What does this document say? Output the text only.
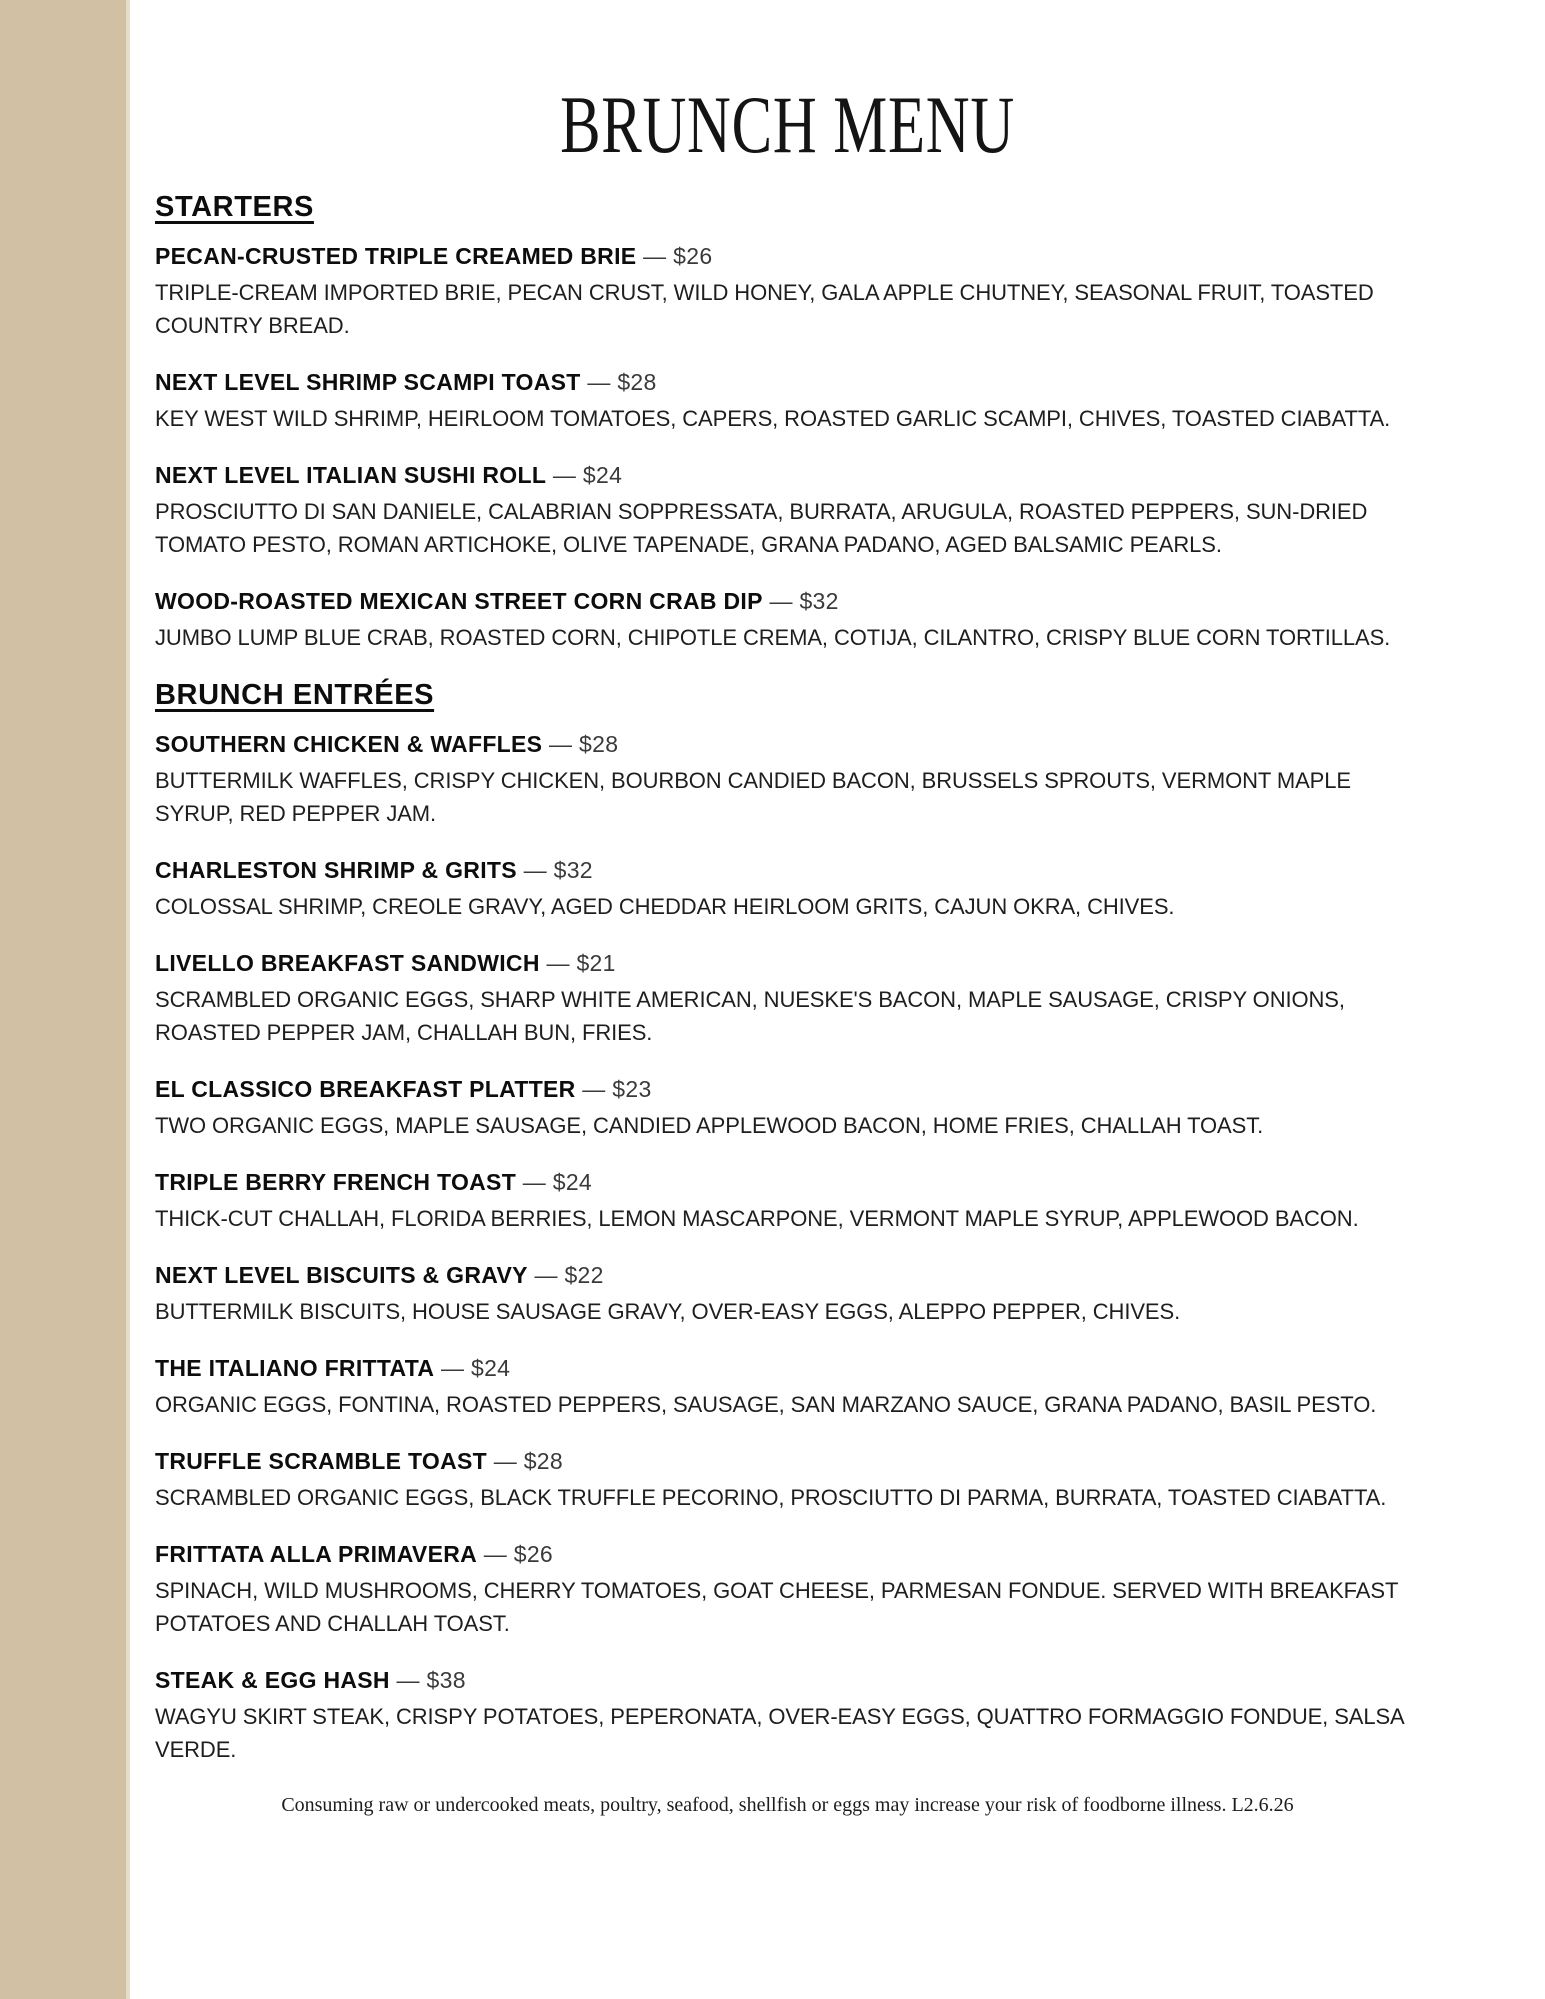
BRUNCH MENU
STARTERS

PECAN-CRUSTED TRIPLE CREAMED BRIE — $26

TRIPLE-CREAM IMPORTED BRIE, PECAN CRUST, WILD HONEY, GALA APPLE CHUTNEY, SEASONAL FRUIT, TOASTED COUNTRY BREAD.

NEXT LEVEL SHRIMP SCAMPI TOAST — $28

KEY WEST WILD SHRIMP, HEIRLOOM TOMATOES, CAPERS, ROASTED GARLIC SCAMPI, CHIVES, TOASTED CIABATTA.

NEXT LEVEL ITALIAN SUSHI ROLL — $24

PROSCIUTTO DI SAN DANIELE, CALABRIAN SOPPRESSATA, BURRATA, ARUGULA, ROASTED PEPPERS, SUN-DRIED TOMATO PESTO, ROMAN ARTICHOKE, OLIVE TAPENADE, GRANA PADANO, AGED BALSAMIC PEARLS.

WOOD-ROASTED MEXICAN STREET CORN CRAB DIP — $32

JUMBO LUMP BLUE CRAB, ROASTED CORN, CHIPOTLE CREMA, COTIJA, CILANTRO, CRISPY BLUE CORN TORTILLAS.

BRUNCH ENTRÉES

SOUTHERN CHICKEN & WAFFLES — $28

BUTTERMILK WAFFLES, CRISPY CHICKEN, BOURBON CANDIED BACON, BRUSSELS SPROUTS, VERMONT MAPLE SYRUP, RED PEPPER JAM.

CHARLESTON SHRIMP & GRITS — $32

COLOSSAL SHRIMP, CREOLE GRAVY, AGED CHEDDAR HEIRLOOM GRITS, CAJUN OKRA, CHIVES.

LIVELLO BREAKFAST SANDWICH — $21

SCRAMBLED ORGANIC EGGS, SHARP WHITE AMERICAN, NUESKE'S BACON, MAPLE SAUSAGE, CRISPY ONIONS, ROASTED PEPPER JAM, CHALLAH BUN, FRIES.

EL CLASSICO BREAKFAST PLATTER — $23

TWO ORGANIC EGGS, MAPLE SAUSAGE, CANDIED APPLEWOOD BACON, HOME FRIES, CHALLAH TOAST.

TRIPLE BERRY FRENCH TOAST — $24

THICK-CUT CHALLAH, FLORIDA BERRIES, LEMON MASCARPONE, VERMONT MAPLE SYRUP, APPLEWOOD BACON.

NEXT LEVEL BISCUITS & GRAVY — $22

BUTTERMILK BISCUITS, HOUSE SAUSAGE GRAVY, OVER-EASY EGGS, ALEPPO PEPPER, CHIVES.

THE ITALIANO FRITTATA — $24

ORGANIC EGGS, FONTINA, ROASTED PEPPERS, SAUSAGE, SAN MARZANO SAUCE, GRANA PADANO, BASIL PESTO.

TRUFFLE SCRAMBLE TOAST — $28

SCRAMBLED ORGANIC EGGS, BLACK TRUFFLE PECORINO, PROSCIUTTO DI PARMA, BURRATA, TOASTED CIABATTA.

FRITTATA ALLA PRIMAVERA — $26

SPINACH, WILD MUSHROOMS, CHERRY TOMATOES, GOAT CHEESE, PARMESAN FONDUE. SERVED WITH BREAKFAST POTATOES AND CHALLAH TOAST.

STEAK & EGG HASH — $38

WAGYU SKIRT STEAK, CRISPY POTATOES, PEPERONATA, OVER-EASY EGGS, QUATTRO FORMAGGIO FONDUE, SALSA VERDE.

Consuming raw or undercooked meats, poultry, seafood, shellfish or eggs may increase your risk of foodborne illness. L2.6.26
